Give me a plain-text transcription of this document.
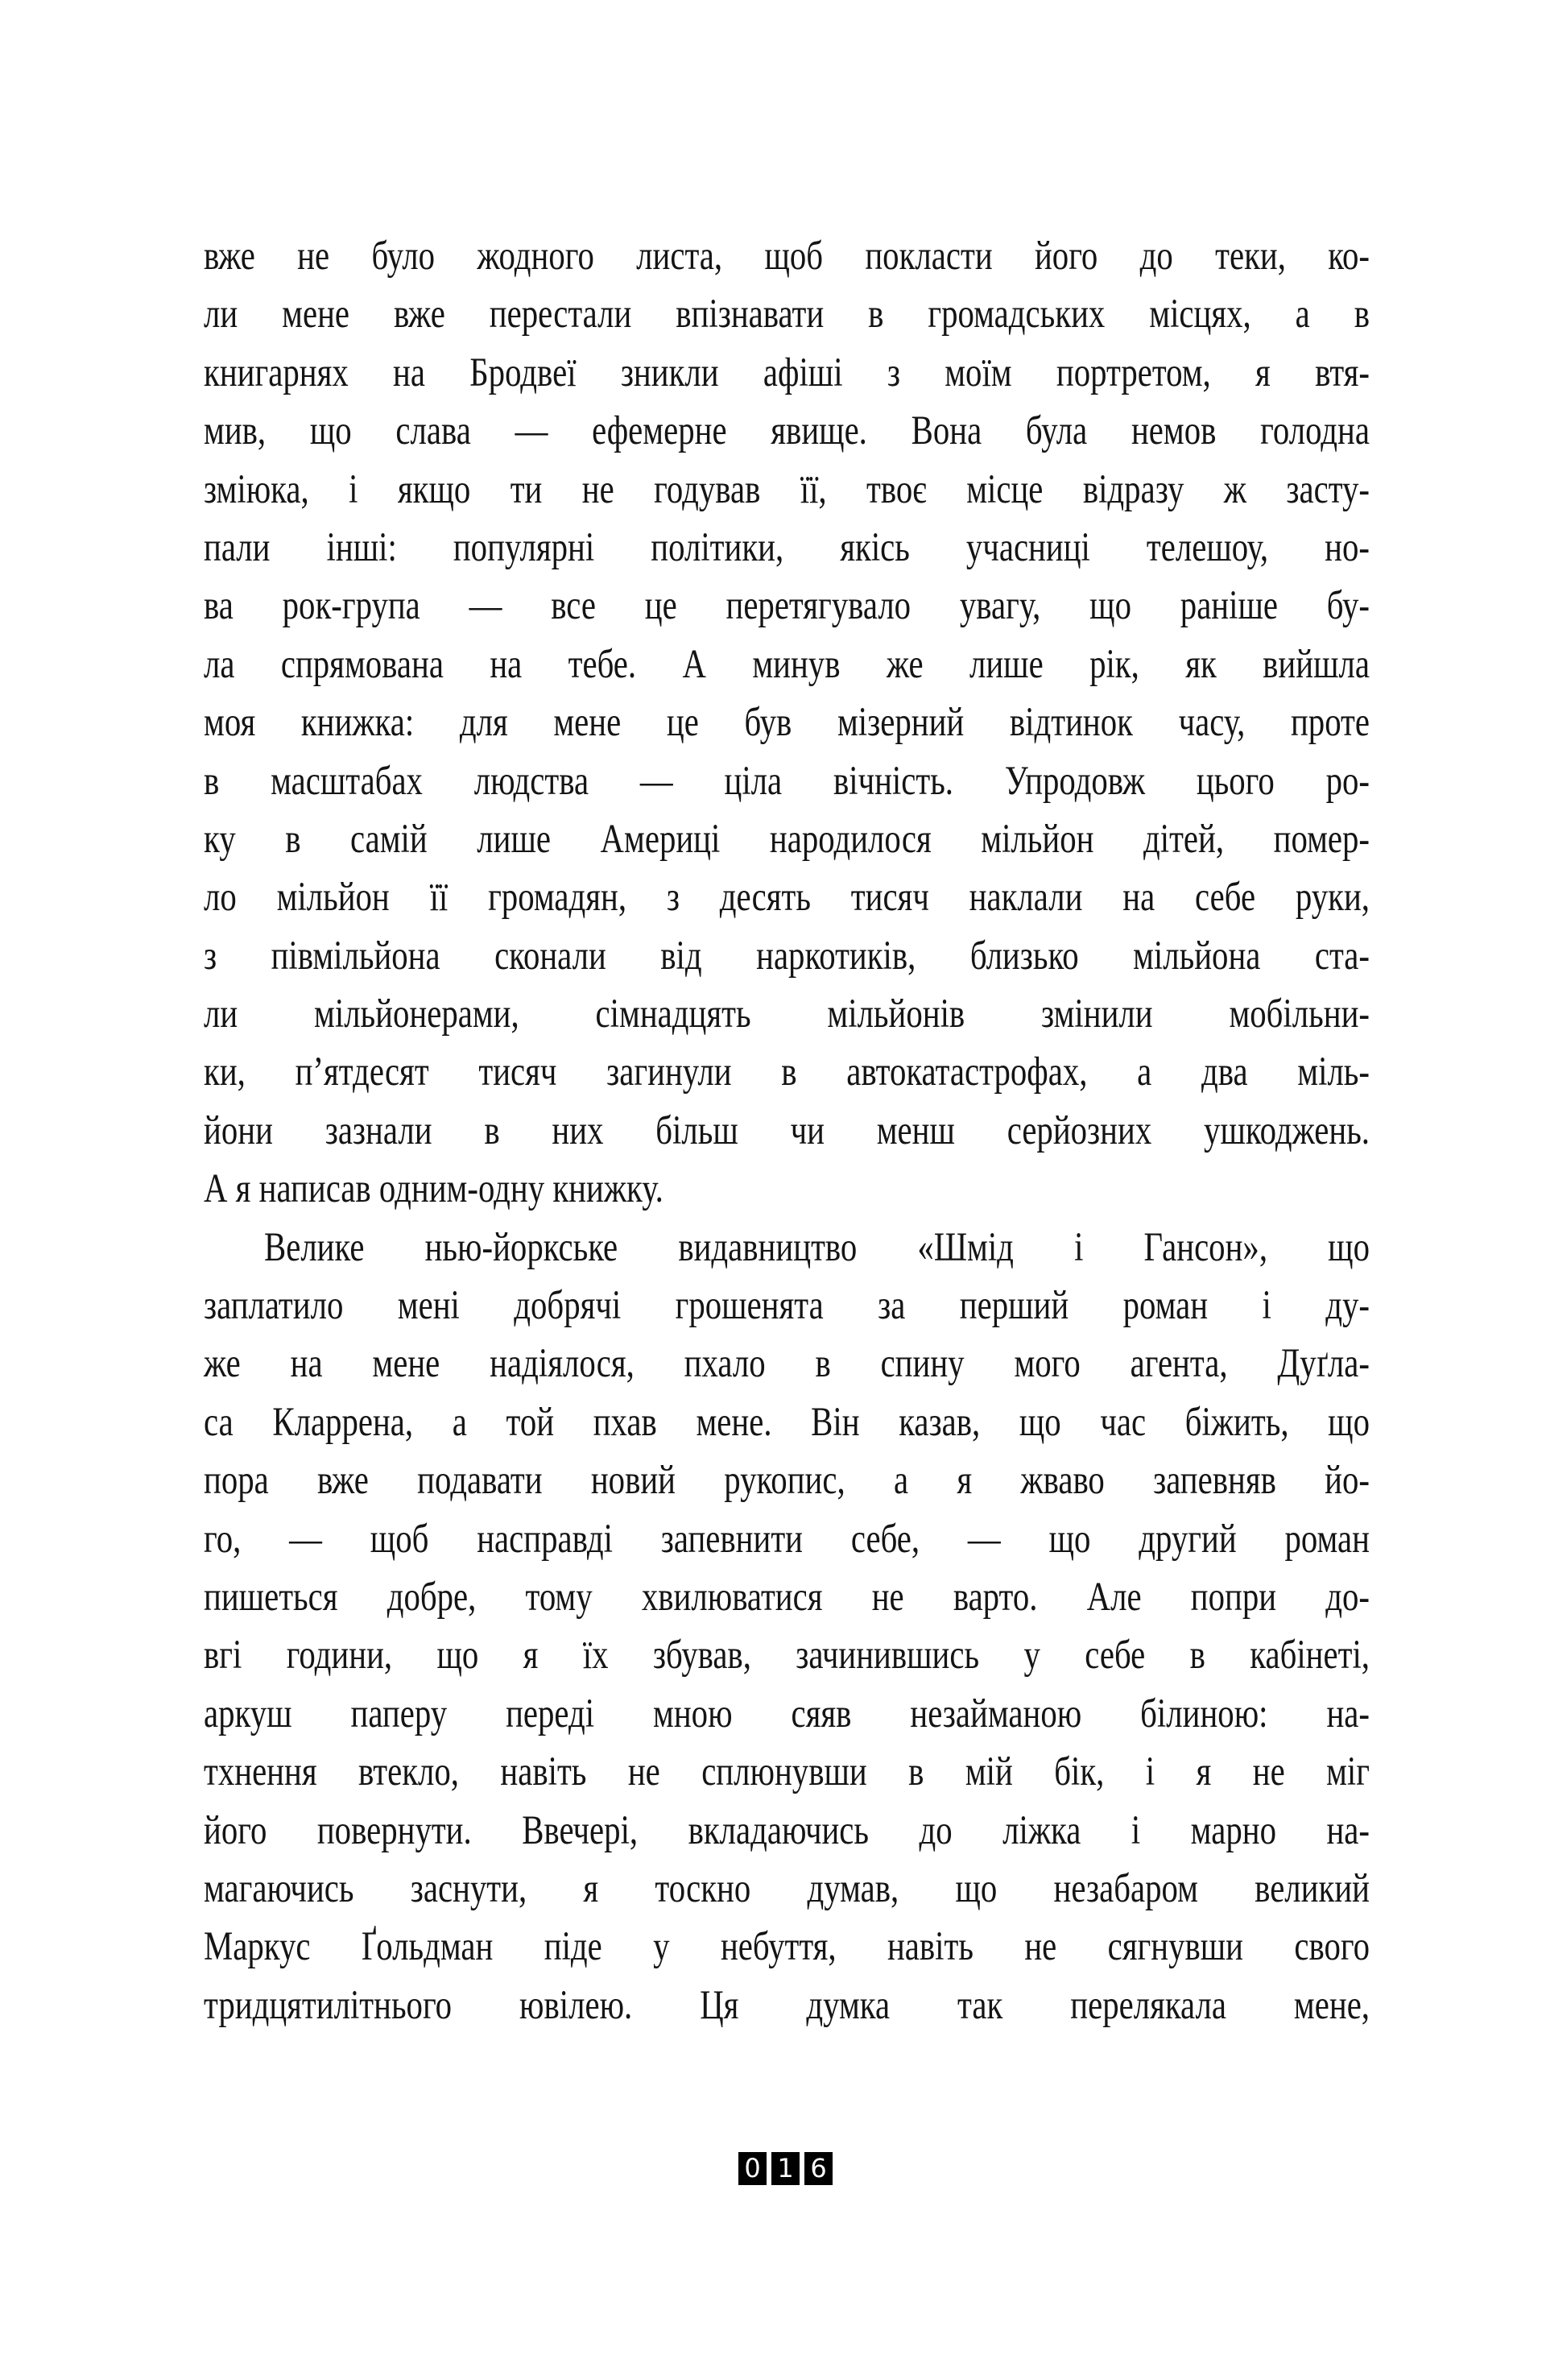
вже не було жодного листа, щоб покласти його до теки, ко-
ли мене вже перестали впізнавати в громадських місцях, а в
книгарнях на Бродвеї зникли афіші з моїм портретом, я втя-
мив, що слава — ефемерне явище. Вона була немов голодна
змiюка, і якщо ти не годував її, твоє місце відразу ж засту-
пали інші: популярні політики, якісь учасниці телешоу, но-
ва рок-група — все це перетягувало увагу, що раніше бу-
ла спрямована на тебе. А минув же лише рік, як вийшла
моя книжка: для мене це був мізерний відтинок часу, проте
в масштабах людства — ціла вічність. Упродовж цього ро-
ку в самій лише Америці народилося мільйон дітей, помер-
ло мільйон її громадян, з десять тисяч наклали на себе руки,
з півмільйона сконали від наркотиків, близько мільйона ста-
ли мільйонерами, сімнадцять мільйонів змінили мобільни-
ки, п’ятдесят тисяч загинули в автокатастрофах, а два міль-
йони зазнали в них більш чи менш серйозних ушкоджень.
А я написав одним-одну книжку.
Велике нью-йоркське видавництво «Шмід і Гансон», що
заплатило мені добрячі грошенята за перший роман і ду-
же на мене надіялося, пхало в спину мого агента, Дуґла-
са Кларрена, а той пхав мене. Він казав, що час біжить, що
пора вже подавати новий рукопис, а я жваво запевняв йо-
го, — щоб насправді запевнити себе, — що другий роман
пишеться добре, тому хвилюватися не варто. Але попри до-
вгі години, що я їх збував, зачинившись у себе в кабінеті,
аркуш паперу переді мною сяяв незайманою білиною: на-
тхнення втекло, навіть не сплюнувши в мій бік, і я не міг
його повернути. Ввечері, вкладаючись до ліжка і марно на-
магаючись заснути, я тоскно думав, що незабаром великий
Маркус Ґольдман піде у небуття, навіть не сягнувши свого
тридцятилітнього ювілею. Ця думка так перелякала мене,
0 1 6
